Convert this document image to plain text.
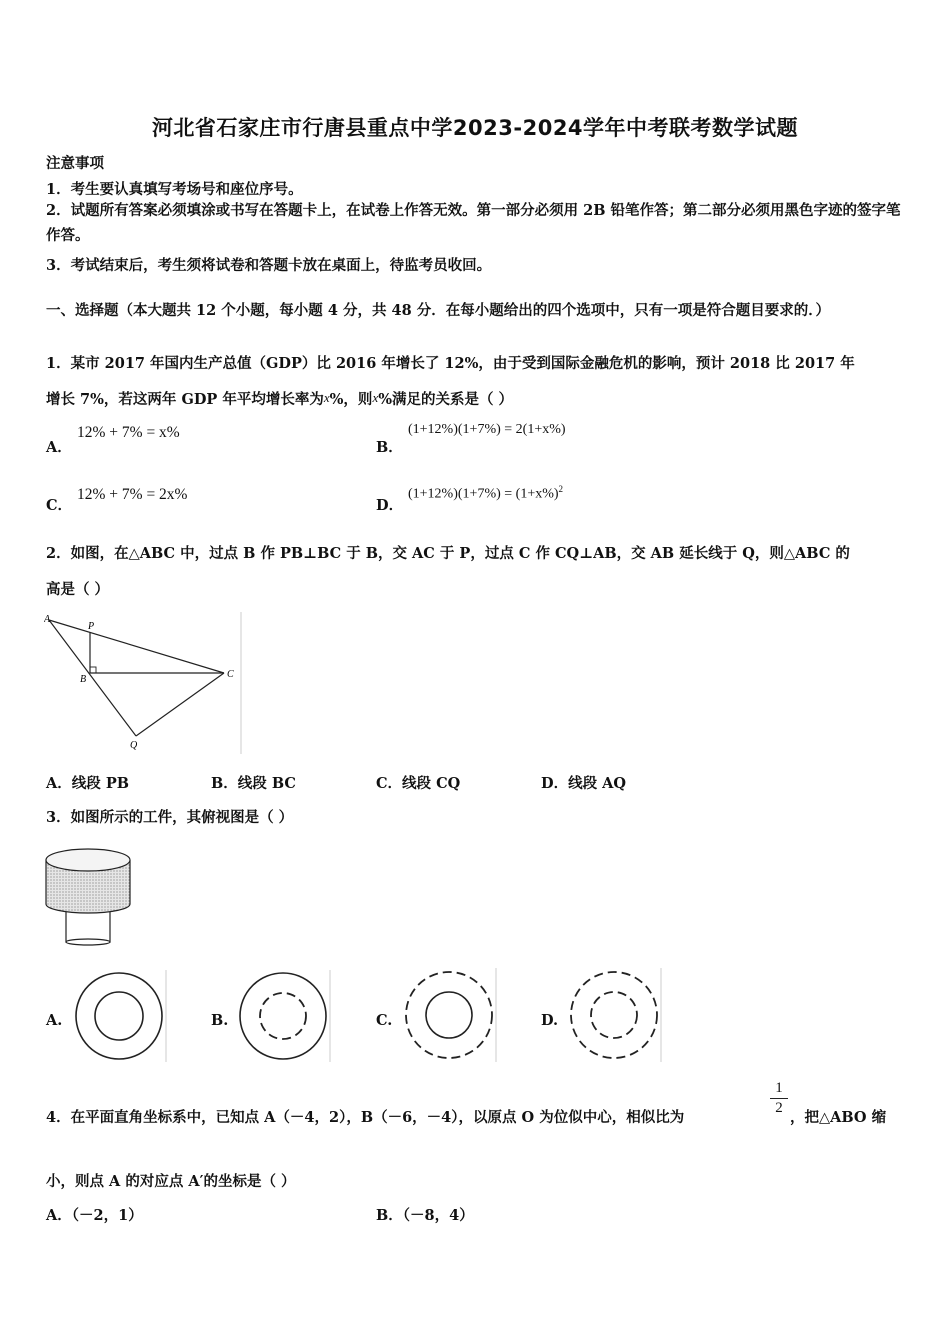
河北省石家庄市行唐县重点中学2023-2024学年中考联考数学试题
注意事项
1．考生要认真填写考场号和座位序号。
2．试题所有答案必须填涂或书写在答题卡上，在试卷上作答无效。第一部分必须用 2B 铅笔作答；第二部分必须用黑色字迹的签字笔作答。
3．考试结束后，考生须将试卷和答题卡放在桌面上，待监考员收回。
一、选择题（本大题共 12 个小题，每小题 4 分，共 48 分．在每小题给出的四个选项中，只有一项是符合题目要求的．）
1．某市 2017 年国内生产总值（GDP）比 2016 年增长了 12%，由于受到国际金融危机的影响，预计 2018 比 2017 年
增长 7%，若这两年 GDP 年平均增长率为x%，则x%满足的关系是（ ）
A．
12% + 7% = x%
B．
(1+12%)(1+7%) = 2(1+x%)
C．
12% + 7% = 2x%
D．
$(1+12\%)(1+7\%) = (1+x\%)^2$
2．如图，在△ABC 中，过点 B 作 PB⊥BC 于 B，交 AC 于 P，过点 C 作 CQ⊥AB，交 AB 延长线于 Q，则△ABC 的
高是（ ）
A
P
B	C
Q
A．线段 PB	B．线段 BC	C．线段 CQ	D．线段 AQ
3．如图所示的工件，其俯视图是（ ）
A.	B.	C.	D.
4．在平面直角坐标系中，已知点 A（－4，2），B（－6，－4），以原点 O 为位似中心，相似比为
1
2
，把△ABO 缩
小，则点 A 的对应点 A′的坐标是（ ）
A．（－2，1）	B．（－8，4）
